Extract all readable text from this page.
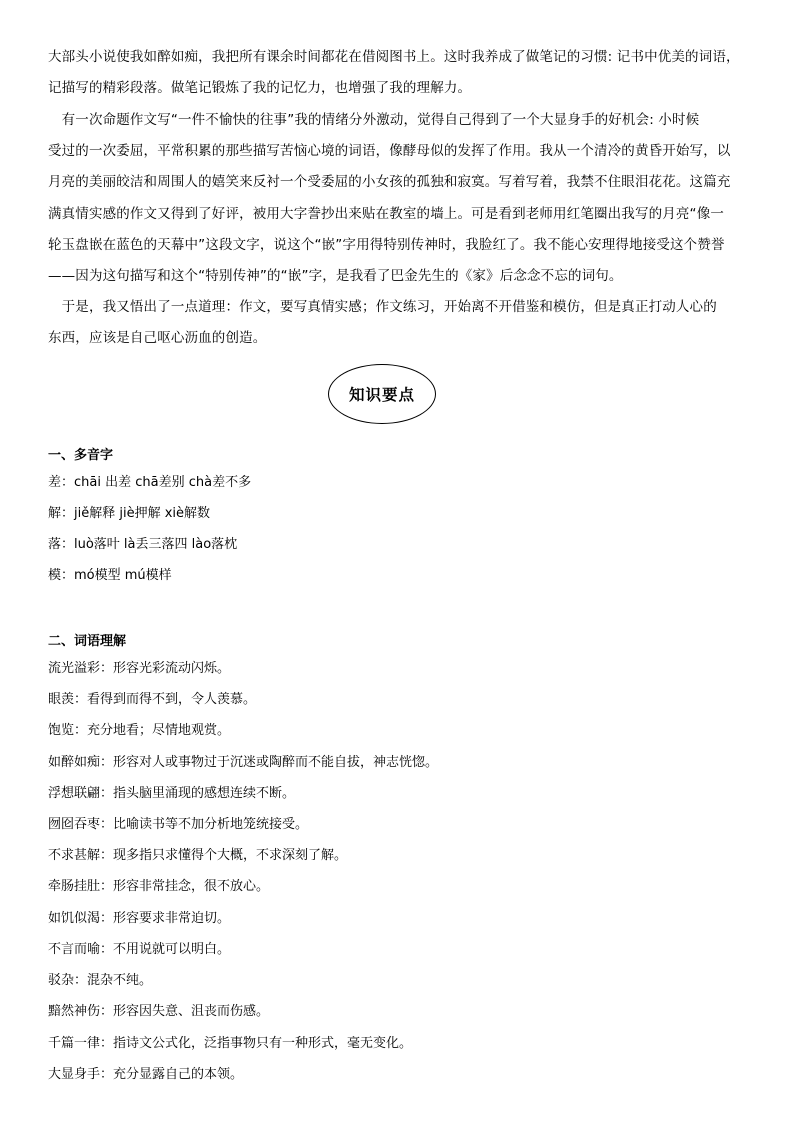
大部头小说使我如醉如痴，我把所有课余时间都花在借阅图书上。这时我养成了做笔记的习惯: 记书中优美的词语，
记描写的精彩段落。做笔记锻炼了我的记忆力，也增强了我的理解力。
　有一次命题作文写“一件不愉快的往事”我的情绪分外激动，觉得自己得到了一个大显身手的好机会: 小时候
受过的一次委屈，平常积累的那些描写苦恼心境的词语，像酵母似的发挥了作用。我从一个清冷的黄昏开始写，以
月亮的美丽皎洁和周围人的嬉笑来反衬一个受委屈的小女孩的孤独和寂寞。写着写着，我禁不住眼泪花花。这篇充
满真情实感的作文又得到了好评，被用大字誊抄出来贴在教室的墙上。可是看到老师用红笔圈出我写的月亮“像一
轮玉盘嵌在蓝色的天幕中”这段文字，说这个“嵌”字用得特别传神时，我脸红了。我不能心安理得地接受这个赞誉
——因为这句描写和这个“特别传神”的“嵌”字，是我看了巴金先生的《家》后念念不忘的词句。
　于是，我又悟出了一点道理：作文，要写真情实感；作文练习，开始离不开借鉴和模仿，但是真正打动人心的
东西，应该是自己呕心沥血的创造。
知识要点
一、多音字
差：chāi 出差 chā差别 chà差不多
解：jiě解释 jiè押解 xiè解数
落：luò落叶 là丢三落四 lào落枕
模：mó模型 mú模样
二、词语理解
流光溢彩：形容光彩流动闪烁。
眼羡：看得到而得不到，令人羡慕。
饱览：充分地看；尽情地观赏。
如醉如痴：形容对人或事物过于沉迷或陶醉而不能自拔，神志恍惚。
浮想联翩：指头脑里涌现的感想连续不断。
囫囵吞枣：比喻读书等不加分析地笼统接受。
不求甚解：现多指只求懂得个大概，不求深刻了解。
牵肠挂肚：形容非常挂念，很不放心。
如饥似渴：形容要求非常迫切。
不言而喻：不用说就可以明白。
驳杂：混杂不纯。
黯然神伤：形容因失意、沮丧而伤感。
千篇一律：指诗文公式化，泛指事物只有一种形式，毫无变化。
大显身手：充分显露自己的本领。
